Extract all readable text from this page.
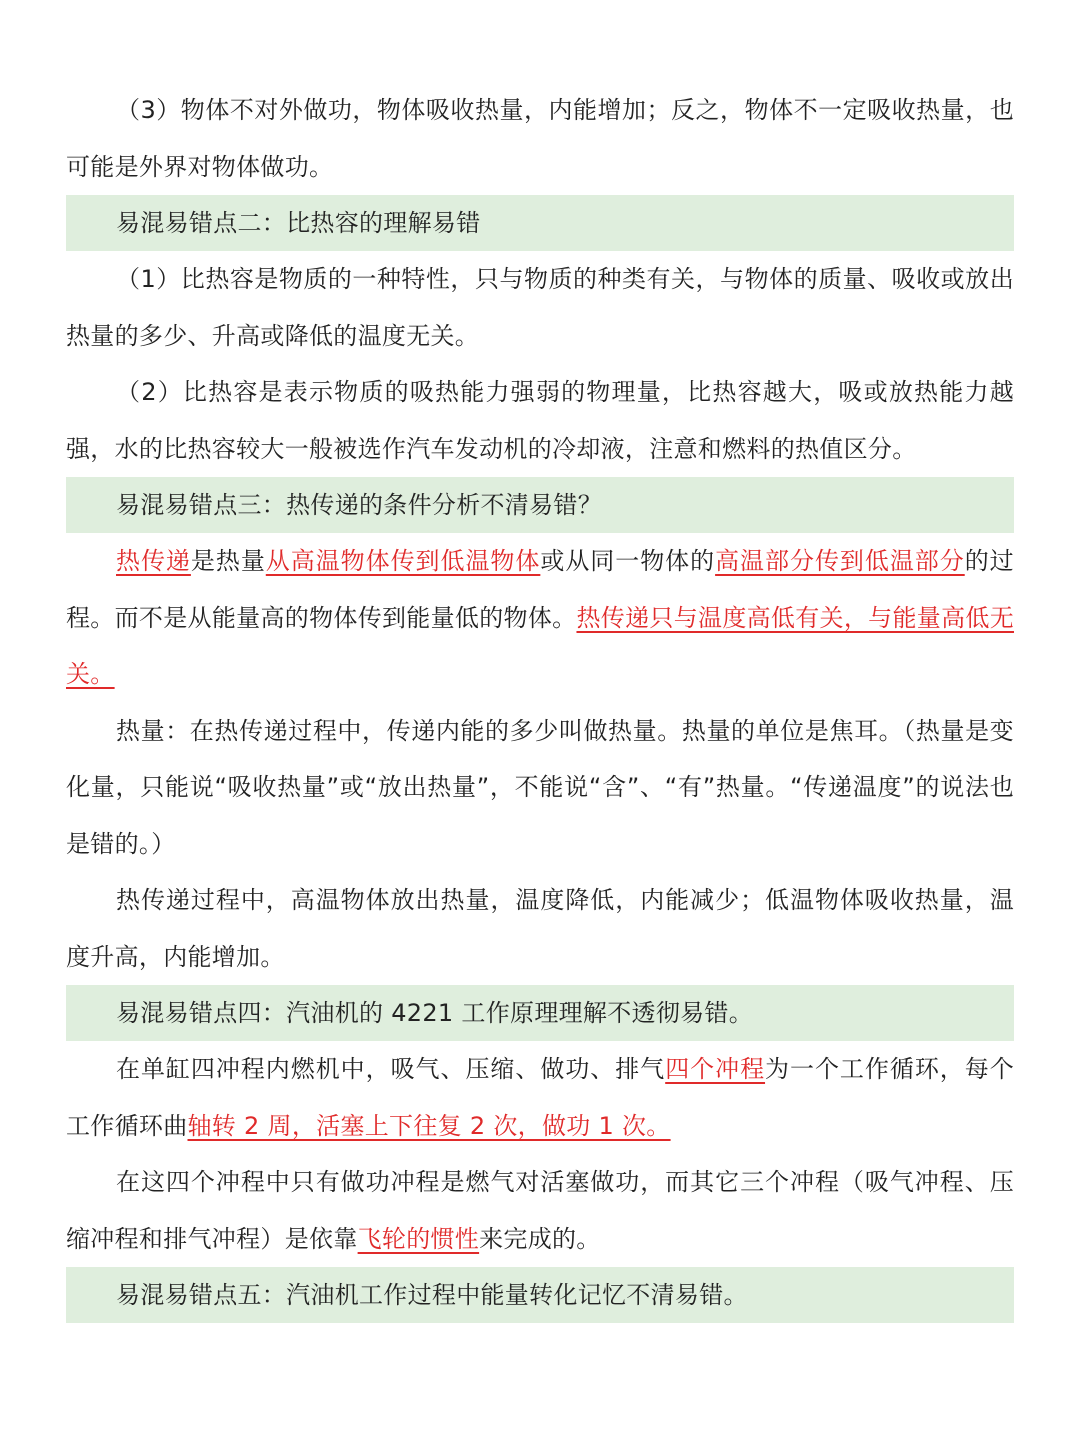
（3）物体不对外做功，物体吸收热量，内能增加；反之，物体不一定吸收热量，也可能是外界对物体做功。

易混易错点二：比热容的理解易错

（1）比热容是物质的一种特性，只与物质的种类有关，与物体的质量、吸收或放出热量的多少、升高或降低的温度无关。

（2）比热容是表示物质的吸热能力强弱的物理量，比热容越大，吸或放热能力越强，水的比热容较大一般被选作汽车发动机的冷却液，注意和燃料的热值区分。

易混易错点三：热传递的条件分析不清易错？

热传递是热量从高温物体传到低温物体或从同一物体的高温部分传到低温部分的过程。而不是从能量高的物体传到能量低的物体。热传递只与温度高低有关，与能量高低无关。

热量：在热传递过程中，传递内能的多少叫做热量。热量的单位是焦耳。（热量是变化量，只能说“吸收热量”或“放出热量”，不能说“含”、“有”热量。“传递温度”的说法也是错的。）

热传递过程中，高温物体放出热量，温度降低，内能减少；低温物体吸收热量，温度升高，内能增加。

易混易错点四：汽油机的 4221 工作原理理解不透彻易错。

在单缸四冲程内燃机中，吸气、压缩、做功、排气四个冲程为一个工作循环，每个工作循环曲轴转 2 周，活塞上下往复 2 次，做功 1 次。

在这四个冲程中只有做功冲程是燃气对活塞做功，而其它三个冲程（吸气冲程、压缩冲程和排气冲程）是依靠飞轮的惯性来完成的。

易混易错点五：汽油机工作过程中能量转化记忆不清易错。
